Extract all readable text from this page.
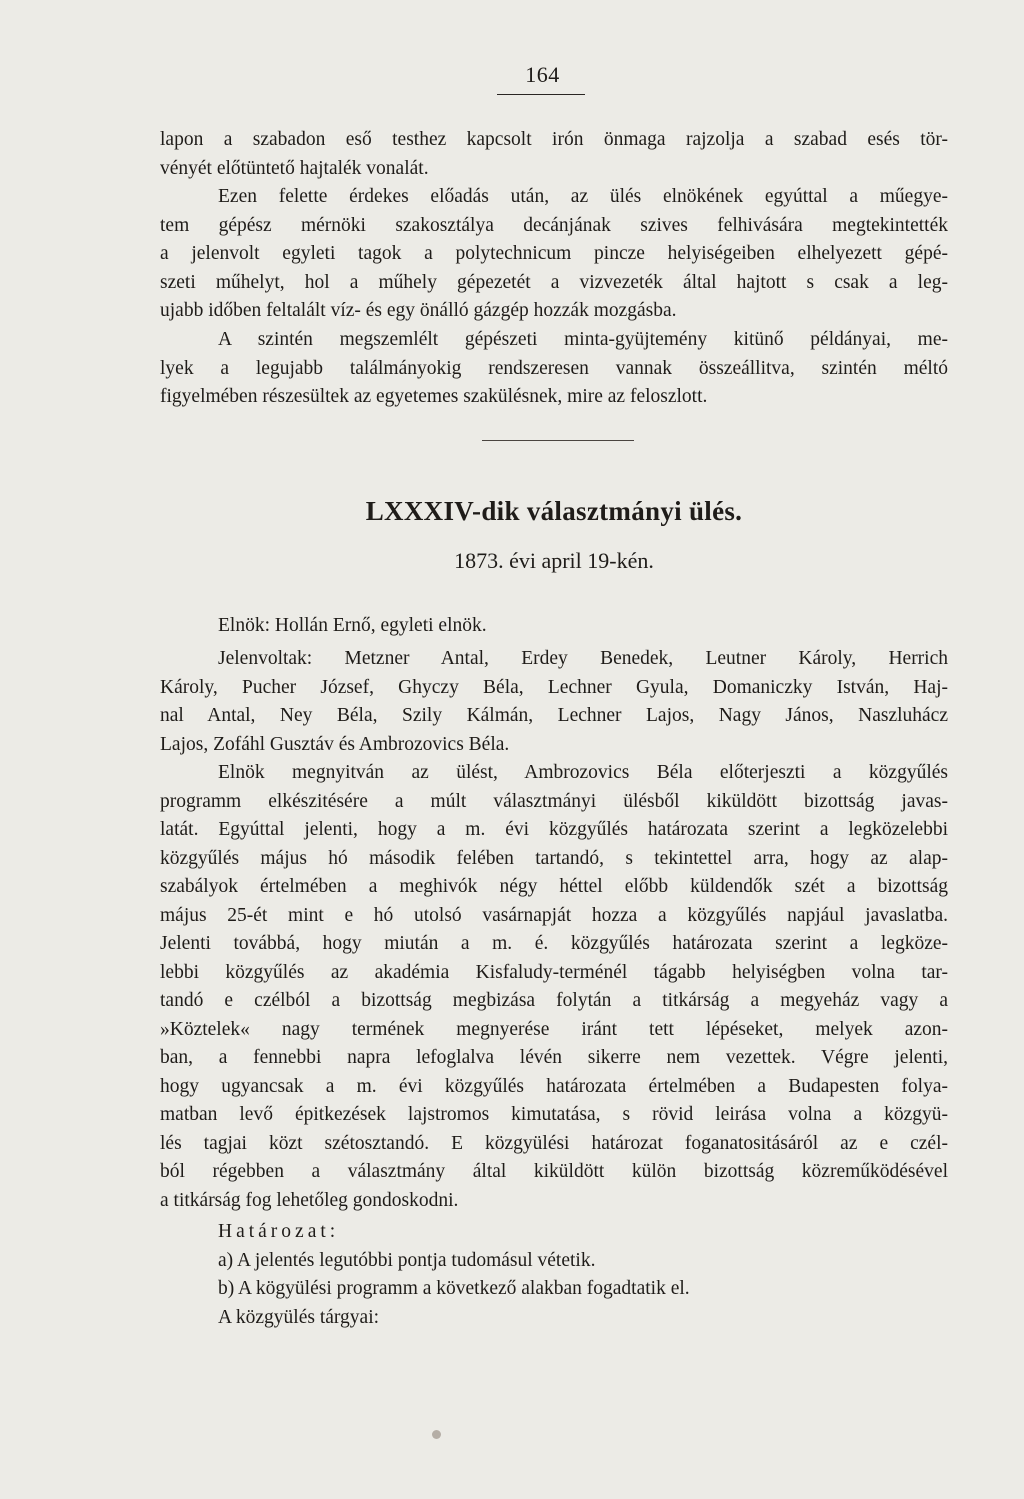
164

lapon a szabadon eső testhez kapcsolt irón önmaga rajzolja a szabad esés tör-
vényét előtüntető hajtalék vonalát.

Ezen felette érdekes előadás után, az ülés elnökének egyúttal a műegye-
tem gépész mérnöki szakosztálya decánjának szives felhivására megtekintették
a jelenvolt egyleti tagok a polytechnicum pincze helyiségeiben elhelyezett gépé-
szeti műhelyt, hol a műhely gépezetét a vizvezeték által hajtott s csak a leg-
ujabb időben feltalált víz- és egy önálló gázgép hozzák mozgásba.

A szintén megszemlélt gépészeti minta-gyüjtemény kitünő példányai, me-
lyek a legujabb találmányokig rendszeresen vannak összeállitva, szintén méltó
figyelmében részesültek az egyetemes szakülésnek, mire az feloszlott.

LXXXIV-dik választmányi ülés.
1873. évi april 19-kén.

Elnök: Hollán Ernő, egyleti elnök.

Jelenvoltak: Metzner Antal, Erdey Benedek, Leutner Károly, Herrich
Károly, Pucher József, Ghyczy Béla, Lechner Gyula, Domaniczky István, Haj-
nal Antal, Ney Béla, Szily Kálmán, Lechner Lajos, Nagy János, Naszluhácz
Lajos, Zofáhl Gusztáv és Ambrozovics Béla.

Elnök megnyitván az ülést, Ambrozovics Béla előterjeszti a közgyűlés
programm elkészitésére a múlt választmányi ülésből kiküldött bizottság javas-
latát. Egyúttal jelenti, hogy a m. évi közgyűlés határozata szerint a legközelebbi
közgyűlés május hó második felében tartandó, s tekintettel arra, hogy az alap-
szabályok értelmében a meghivók négy héttel előbb küldendők szét a bizottság
május 25-ét mint e hó utolsó vasárnapját hozza a közgyűlés napjául javaslatba.
Jelenti továbbá, hogy miután a m. é. közgyűlés határozata szerint a legköze-
lebbi közgyűlés az akadémia Kisfaludy-terménél tágabb helyiségben volna tar-
tandó e czélból a bizottság megbizása folytán a titkárság a megyeház vagy a
»Köztelek« nagy termének megnyerése iránt tett lépéseket, melyek azon-
ban, a fennebbi napra lefoglalva lévén sikerre nem vezettek. Végre jelenti,
hogy ugyancsak a m. évi közgyűlés határozata értelmében a Budapesten folya-
matban levő épitkezések lajstromos kimutatása, s rövid leirása volna a közgyü-
lés tagjai közt szétosztandó. E közgyülési határozat foganatositásáról az e czél-
ból régebben a választmány által kiküldött külön bizottság közreműködésével
a titkárság fog lehetőleg gondoskodni.

Határozat:
a) A jelentés legutóbbi pontja tudomásul vétetik.
b) A kögyülési programm a következő alakban fogadtatik el.
A közgyülés tárgyai:
